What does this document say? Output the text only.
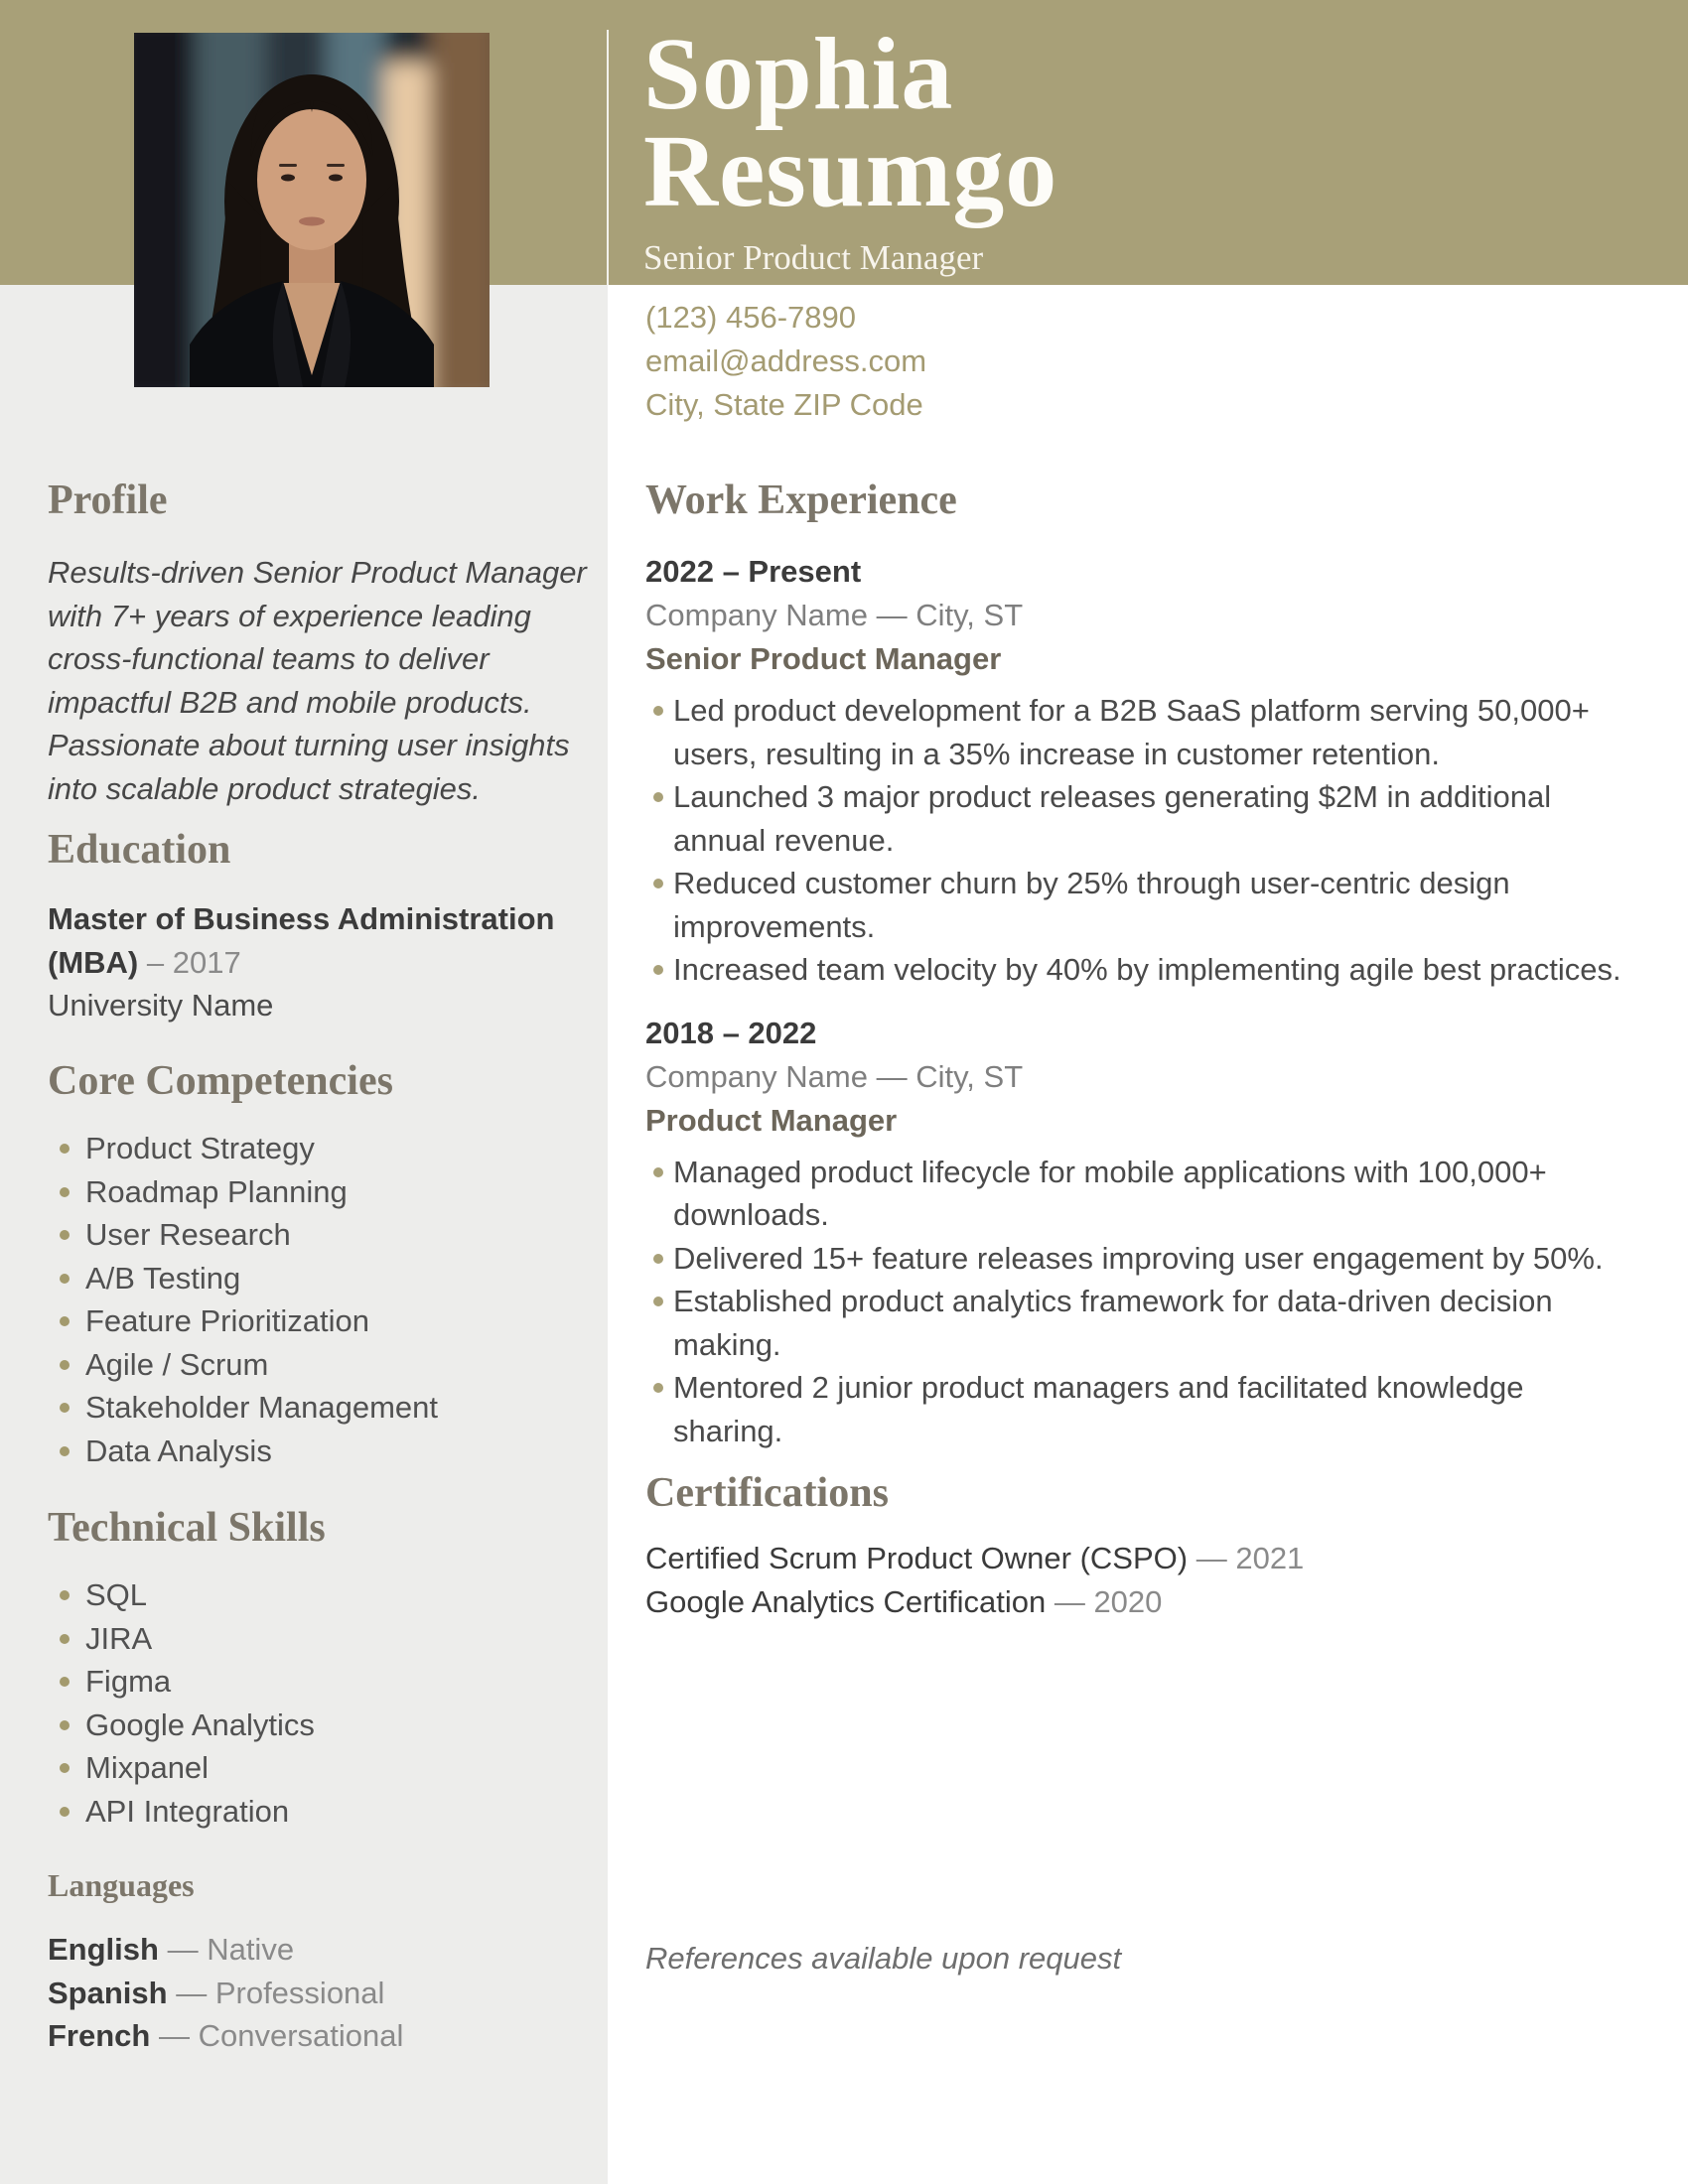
Sophia
Resumgo
Senior Product Manager
(123) 456-7890
email@address.com
City, State ZIP Code
Profile
Results-driven Senior Product Manager with 7+ years of experience leading cross-functional teams to deliver impactful B2B and mobile products. Passionate about turning user insights into scalable product strategies.
Education
Master of Business Administration (MBA) – 2017
University Name
Core Competencies
Product Strategy
Roadmap Planning
User Research
A/B Testing
Feature Prioritization
Agile / Scrum
Stakeholder Management
Data Analysis
Technical Skills
SQL
JIRA
Figma
Google Analytics
Mixpanel
API Integration
Languages
English — Native
Spanish — Professional
French — Conversational
Work Experience
2022 – Present
Company Name — City, ST
Senior Product Manager
Led product development for a B2B SaaS platform serving 50,000+ users, resulting in a 35% increase in customer retention.
Launched 3 major product releases generating $2M in additional annual revenue.
Reduced customer churn by 25% through user-centric design improvements.
Increased team velocity by 40% by implementing agile best practices.
2018 – 2022
Company Name — City, ST
Product Manager
Managed product lifecycle for mobile applications with 100,000+ downloads.
Delivered 15+ feature releases improving user engagement by 50%.
Established product analytics framework for data-driven decision making.
Mentored 2 junior product managers and facilitated knowledge sharing.
Certifications
Certified Scrum Product Owner (CSPO) — 2021
Google Analytics Certification — 2020
References available upon request
